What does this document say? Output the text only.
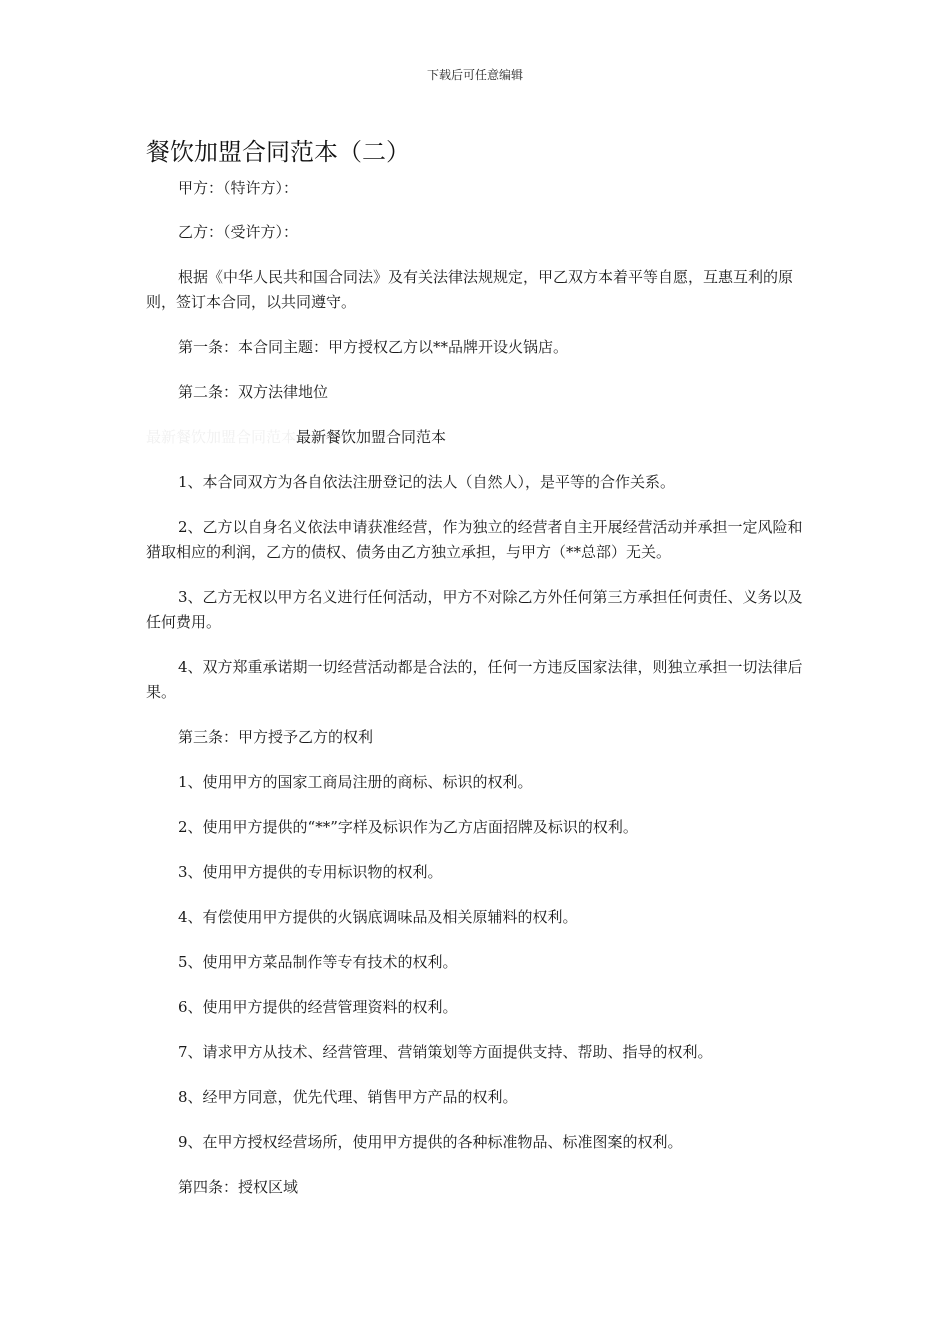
下载后可任意编辑
餐饮加盟合同范本（二）

甲方：（特许方）：

乙方：（受许方）：

根据《中华人民共和国合同法》及有关法律法规规定，甲乙双方本着平等自愿，互惠互利的原则，签订本合同，以共同遵守。

第一条：本合同主题：甲方授权乙方以**品牌开设火锅店。

第二条：双方法律地位

最新餐饮加盟合同范本最新餐饮加盟合同范本

1、本合同双方为各自依法注册登记的法人（自然人），是平等的合作关系。

2、乙方以自身名义依法申请获准经营，作为独立的经营者自主开展经营活动并承担一定风险和猎取相应的利润，乙方的债权、债务由乙方独立承担，与甲方（**总部）无关。

3、乙方无权以甲方名义进行任何活动，甲方不对除乙方外任何第三方承担任何责任、义务以及任何费用。

4、双方郑重承诺期一切经营活动都是合法的，任何一方违反国家法律，则独立承担一切法律后果。

第三条：甲方授予乙方的权利

1、使用甲方的国家工商局注册的商标、标识的权利。

2、使用甲方提供的“**”字样及标识作为乙方店面招牌及标识的权利。

3、使用甲方提供的专用标识物的权利。

4、有偿使用甲方提供的火锅底调味品及相关原辅料的权利。

5、使用甲方菜品制作等专有技术的权利。

6、使用甲方提供的经营管理资料的权利。

7、请求甲方从技术、经营管理、营销策划等方面提供支持、帮助、指导的权利。

8、经甲方同意，优先代理、销售甲方产品的权利。

9、在甲方授权经营场所，使用甲方提供的各种标准物品、标准图案的权利。

第四条：授权区域
